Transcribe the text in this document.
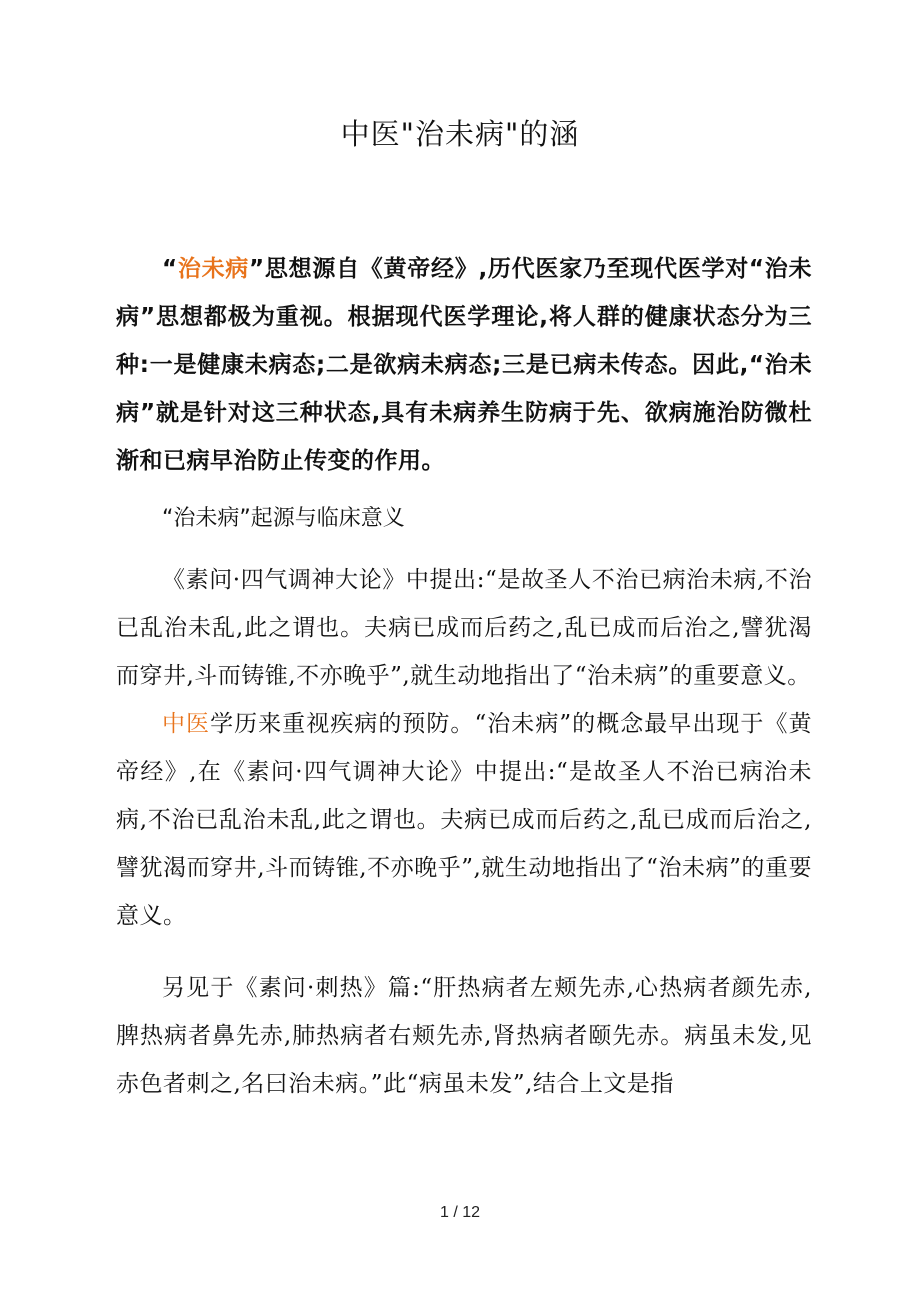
中医"治未病"的涵

“治未病”思想源自《黄帝经》,历代医家乃至现代医学对“治未病”思想都极为重视。根据现代医学理论,将人群的健康状态分为三种:一是健康未病态;二是欲病未病态;三是已病未传态。因此,“治未病”就是针对这三种状态,具有未病养生防病于先、欲病施治防微杜渐和已病早治防止传变的作用。

“治未病”起源与临床意义

《素问·四气调神大论》中提出:“是故圣人不治已病治未病,不治已乱治未乱,此之谓也。夫病已成而后药之,乱已成而后治之,譬犹渴而穿井,斗而铸锥,不亦晚乎”,就生动地指出了“治未病”的重要意义。

中医学历来重视疾病的预防。“治未病”的概念最早出现于《黄帝经》,在《素问·四气调神大论》中提出:“是故圣人不治已病治未病,不治已乱治未乱,此之谓也。夫病已成而后药之,乱已成而后治之,譬犹渴而穿井,斗而铸锥,不亦晚乎”,就生动地指出了“治未病”的重要意义。

另见于《素问·刺热》篇:“肝热病者左颊先赤,心热病者颜先赤,脾热病者鼻先赤,肺热病者右颊先赤,肾热病者颐先赤。病虽未发,见赤色者刺之,名曰治未病。”此“病虽未发”,结合上文是指

1 / 12
